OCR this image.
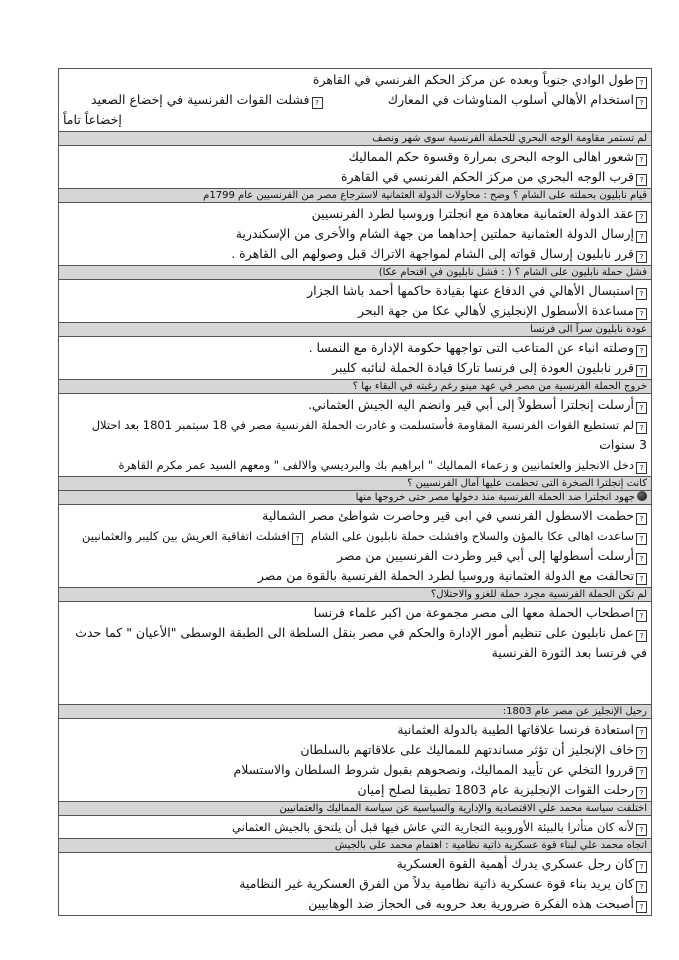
?طول الوادي جنوباً وبعده عن مركز الحكم الفرنسي في القاهرة
?استخدام الأهالي أسلوب المناوشات في المعارك
?فشلت القوات الفرنسية في إخضاع الصعيد
إخضاعاً تاماً
لم تستمر مقاومة الوجه البحري للحملة الفرنسية سوى شهر ونصف
?شعور اهالى الوجه البحرى بمرارة وقسوة حكم المماليك
?قرب الوجه البحري من مركز الحكم الفرنسي في القاهرة
قيام نابليون بحملته على الشام ؟ وضح : محاولات الدولة العثمانية لاسترجاع مصر من الفرنسيين عام 1799م
?عقد الدولة العثمانية معاهدة مع انجلترا وروسيا لطرد الفرنسيين
?إرسال الدولة العثمانية حملتين إحداهما من جهة الشام والأخرى من الإسكندرية
?قرر نابليون إرسال قواته إلى الشام لمواجهة الاتراك قبل وصولهم الى القاهرة .
فشل حملة نابليون على الشام ؟ ( : فشل نابليون في اقتحام عكا)
?استبسال الأهالي في الدفاع عنها بقيادة حاكمها أحمد باشا الجزار
?مساعدة الأسطول الإنجليزي لأهالي عكا من جهة البحر
عودة نابليون سراً الى فرنسا
?وصلته انباء عن المتاعب التى تواجهها حكومة الإدارة مع النمسا .
?قرر نابليون العودة إلى فرنسا تاركا قيادة الحملة لنائبه كليبر
خروج الحملة الفرنسية من مصر في عهد مينو رغم رغبته في البقاء بها ؟
?أرسلت إنجلترا أسطولاً إلى أبي قير وانضم اليه الجيش العثماني.
?لم تستطيع القوات الفرنسية المقاومة فأستسلمت و غادرت الحملة الفرنسية مصر في 18 سبتمبر 1801 بعد احتلال
3 سنوات
?دخل الانجليز والعثمانيين و زعماء المماليك " ابراهيم بك والبرديسي والالفى " ومعهم السيد عمر مكرم القاهرة
كانت إنجلترا الصخرة التى تحطمت عليها آمال الفرنسيين ؟
جهود انجلترا ضد الحملة الفرنسية منذ دخولها مصر حتى خروجها منها
?حطمت الاسطول الفرنسي في ابى قير وحاصرت شواطئ مصر الشمالية
?ساعدت اهالى عكا بالمؤن والسلاح وافشلت حملة نابليون على الشام  ?افشلت اتفاقية العريش بين كليبر والعثمانيين
?أرسلت أسطولها إلى أبي قير وطردت الفرنسيين من مصر
?تحالفت مع الدولة العثمانية وروسيا لطرد الحملة الفرنسية بالقوة من مصر
لم تكن الحملة الفرنسية مجرد حملة للغزو والاحتلال؟
?اصطحاب الحملة معها الى مصر مجموعة من اكبر علماء فرنسا
?عمل نابليون على تنظيم أمور الإدارة والحكم في مصر بنقل السلطة الى الطبقة الوسطى "الأعيان " كما حدث في فرنسا بعد الثورة الفرنسية
رحيل الإنجليز عن مصر عام 1803:
?استعادة فرنسا علاقاتها الطيبة بالدولة العثمانية
?خاف الإنجليز أن تؤثر مساندتهم للمماليك على علاقاتهم بالسلطان
?قرروا التخلي عن تأييد المماليك، ونصحوهم بقبول شروط السلطان والاستسلام
?رحلت القوات الإنجليزية عام 1803 تطبيقا لصلح إميان
اختلفت سياسة محمد علي الاقتصادية والإدارية والسياسية عن سياسة المماليك والعثمانيين
?لأنه كان متأثرا بالبيئة الأوروبية التجارية التي عاش فيها قبل أن يلتحق بالجيش العثماني
اتجاه محمد علي لبناء قوة عسكرية ذاتية نظامية : اهتمام محمد على بالجيش
?كان رجل عسكري يدرك أهمية القوة العسكرية
?كان يريد بناء قوة عسكرية ذاتية نظامية بدلاً من الفرق العسكرية غير النظامية
?أصبحت هذه الفكرة ضرورية بعد حروبه فى الحجاز ضد الوهابيين
